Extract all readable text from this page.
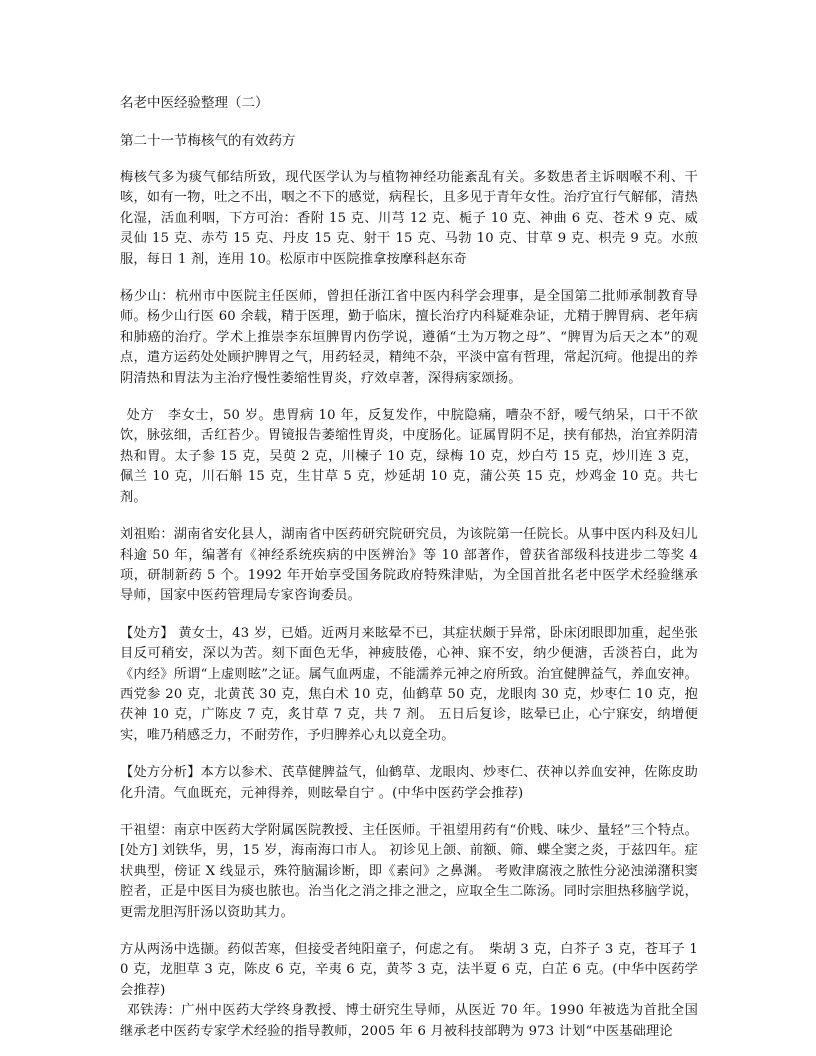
名老中医经验整理（二）
第二十一节梅核气的有效药方

梅核气多为痰气郁结所致，现代医学认为与植物神经功能紊乱有关。多数患者主诉咽喉不利、干咳，如有一物，吐之不出，咽之不下的感觉，病程长，且多见于青年女性。治疗宜行气解郁，清热化湿，活血利咽，下方可治：香附 15 克、川芎 12 克、栀子 10 克、神曲 6 克、苍术 9 克、威灵仙 15 克、赤芍 15 克、丹皮 15 克、射干 15 克、马勃 10 克、甘草 9 克、枳壳 9 克。水煎服，每日 1 剂，连用 10。松原市中医院推拿按摩科赵东奇

杨少山：杭州市中医院主任医师，曾担任浙江省中医内科学会理事，是全国第二批师承制教育导师。杨少山行医 60 余载，精于医理，勤于临床，擅长治疗内科疑难杂证，尤精于脾胃病、老年病和肺癌的治疗。学术上推崇李东垣脾胃内伤学说，遵循“土为万物之母”、“脾胃为后天之本”的观点，遣方运药处处顾护脾胃之气，用药轻灵，精纯不杂，平淡中富有哲理，常起沉疴。他提出的养阴清热和胃法为主治疗慢性萎缩性胃炎，疗效卓著，深得病家颂扬。

处方　李女士，50 岁。患胃病 10 年，反复发作，中脘隐痛，嘈杂不舒，嗳气纳呆，口干不欲饮，脉弦细，舌红苔少。胃镜报告萎缩性胃炎，中度肠化。证属胃阴不足，挟有郁热，治宜养阴清热和胃。太子参 15 克，吴萸 2 克，川楝子 10 克，绿梅 10 克，炒白芍 15 克，炒川连 3 克，佩兰 10 克，川石斛 15 克，生甘草 5 克，炒延胡 10 克，蒲公英 15 克，炒鸡金 10 克。共七剂。

刘祖贻：湖南省安化县人，湖南省中医药研究院研究员，为该院第一任院长。从事中医内科及妇儿科逾 50 年，编著有《神经系统疾病的中医辨治》等 10 部著作，曾获省部级科技进步二等奖 4 项，研制新药 5 个。1992 年开始享受国务院政府特殊津贴，为全国首批名老中医学术经验继承导师，国家中医药管理局专家咨询委员。

【处方】 黄女士，43 岁，已婚。近两月来眩晕不已，其症状颇于异常，卧床闭眼即加重，起坐张目反可稍安，深以为苦。刻下面色无华，神疲肢倦，心神、寐不安，纳少便溏，舌淡苔白，此为《内经》所谓“上虚则眩”之证。属气血两虚，不能濡养元神之府所致。治宜健脾益气，养血安神。西党参 20 克，北黄芪 30 克，焦白术 10 克，仙鹤草 50 克，龙眼肉 30 克，炒枣仁 10 克，抱茯神 10 克，广陈皮 7 克，炙甘草 7 克，共 7 剂。 五日后复诊，眩晕已止，心宁寐安，纳增便实，唯乃稍感乏力，不耐劳作，予归脾养心丸以竟全功。

【处方分析】本方以参术、芪草健脾益气，仙鹤草、龙眼肉、炒枣仁、茯神以养血安神，佐陈皮助化升清。气血既充，元神得养，则眩晕自宁 。(中华中医药学会推荐)

干祖望：南京中医药大学附属医院教授、主任医师。干祖望用药有“价贱、味少、量轻”三个特点。[处方] 刘铁华，男，15 岁，海南海口市人。 初诊见上颌、前额、筛、蝶全窦之炎，于兹四年。症状典型，傍证 X 线显示，殊符脑漏诊断，即《素问》之鼻渊。 考败津腐液之脓性分泌浊涕潴积窦腔者，正是中医目为痰也脓也。治当化之消之排之泄之，应取全生二陈汤。同时宗胆热移脑学说，更需龙胆泻肝汤以资助其力。

方从两汤中选撷。药似苦寒，但接受者纯阳童子，何虑之有。　柴胡 3 克，白芥子 3 克，苍耳子 10 克，龙胆草 3 克，陈皮 6 克，辛夷 6 克，黄芩 3 克，法半夏 6 克，白芷 6 克。(中华中医药学会推荐)

邓铁涛：广州中医药大学终身教授、博士研究生导师，从医近 70 年。1990 年被选为首批全国继承老中医药专家学术经验的指导教师，2005 年 6 月被科技部聘为 973 计划“中医基础理论
